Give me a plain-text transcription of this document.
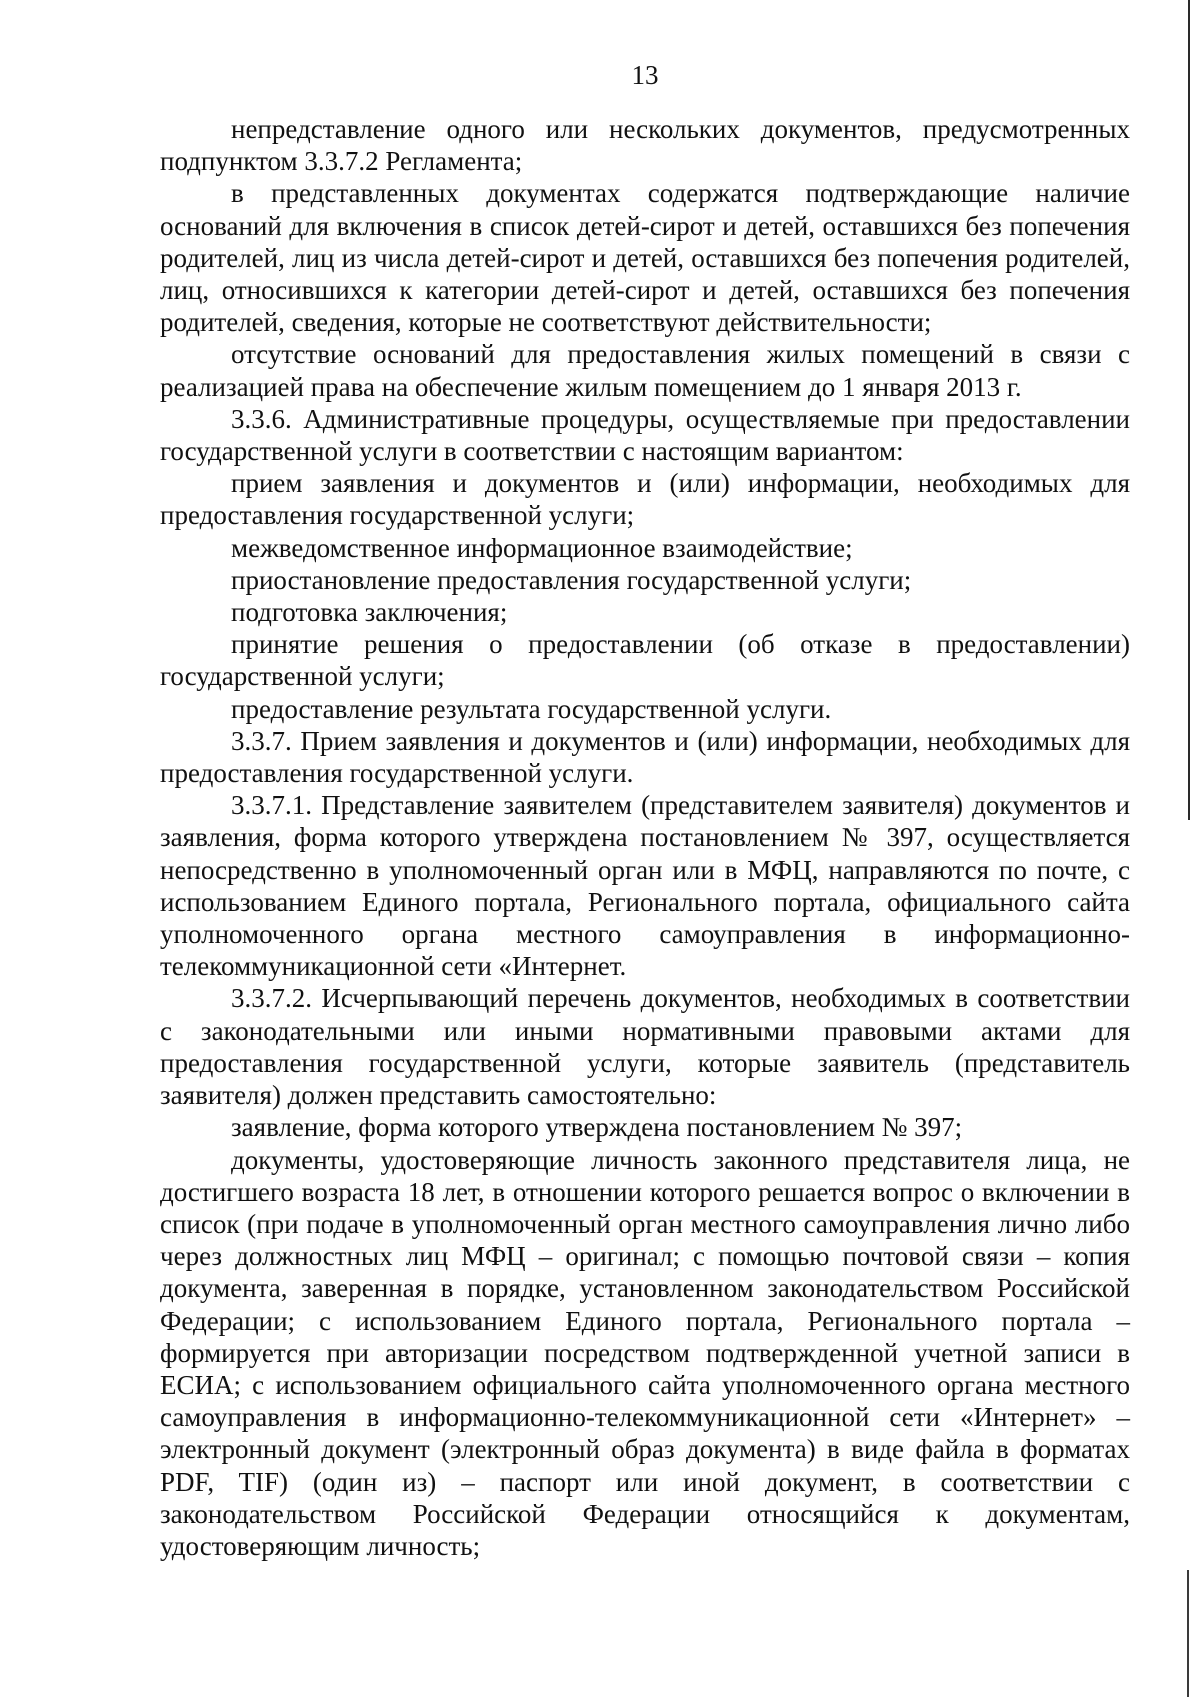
13

непредставление одного или нескольких документов, предусмотренных подпунктом 3.3.7.2 Регламента;

в представленных документах содержатся подтверждающие наличие оснований для включения в список детей-сирот и детей, оставшихся без попечения родителей, лиц из числа детей-сирот и детей, оставшихся без попечения родителей, лиц, относившихся к категории детей-сирот и детей, оставшихся без попечения родителей, сведения, которые не соответствуют действительности;

отсутствие оснований для предоставления жилых помещений в связи с реализацией права на обеспечение жилым помещением до 1 января 2013 г.

3.3.6. Административные процедуры, осуществляемые при предоставлении государственной услуги в соответствии с настоящим вариантом:

прием заявления и документов и (или) информации, необходимых для предоставления государственной услуги;

межведомственное информационное взаимодействие;

приостановление предоставления государственной услуги;

подготовка заключения;

принятие решения о предоставлении (об отказе в предоставлении) государственной услуги;

предоставление результата государственной услуги.

3.3.7. Прием заявления и документов и (или) информации, необходимых для предоставления государственной услуги.

3.3.7.1. Представление заявителем (представителем заявителя) документов и заявления, форма которого утверждена постановлением № 397, осуществляется непосредственно в уполномоченный орган или в МФЦ, направляются по почте, с использованием Единого портала, Регионального портала, официального сайта уполномоченного органа местного самоуправления в информационно-телекоммуникационной сети «Интернет.

3.3.7.2. Исчерпывающий перечень документов, необходимых в соответствии с законодательными или иными нормативными правовыми актами для предоставления государственной услуги, которые заявитель (представитель заявителя) должен представить самостоятельно:

заявление, форма которого утверждена постановлением № 397;

документы, удостоверяющие личность законного представителя лица, не достигшего возраста 18 лет, в отношении которого решается вопрос о включении в список (при подаче в уполномоченный орган местного самоуправления лично либо через должностных лиц МФЦ – оригинал; с помощью почтовой связи – копия документа, заверенная в порядке, установленном законодательством Российской Федерации; с использованием Единого портала, Регионального портала – формируется при авторизации посредством подтвержденной учетной записи в ЕСИА; с использованием официального сайта уполномоченного органа местного самоуправления в информационно-телекоммуникационной сети «Интернет» – электронный документ (электронный образ документа) в виде файла в форматах PDF, TIF) (один из) – паспорт или иной документ, в соответствии с законодательством Российской Федерации относящийся к документам, удостоверяющим личность;
